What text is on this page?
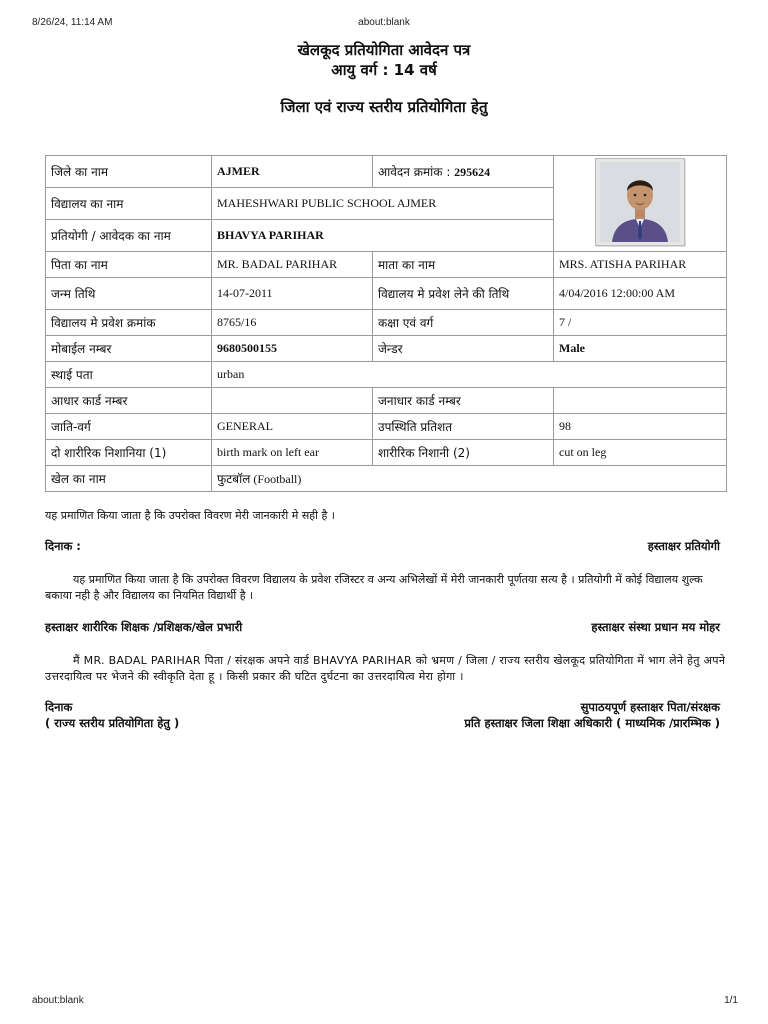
8/26/24, 11:14 AM	about:blank
खेलकूद प्रतियोगिता आवेदन पत्र
आयु वर्ग : 14 वर्ष
जिला एवं राज्य स्तरीय प्रतियोगिता हेतु
जिले का नाम	AJMER	आवेदन क्रमांक : 295624	

विद्यालय का नाम	MAHESHWARI PUBLIC SCHOOL AJMER		
प्रतियोगी / आवेदक का नाम	BHAVYA PARIHAR		
पिता का नाम	MR. BADAL PARIHAR	माता का नाम	MRS. ATISHA PARIHAR
जन्म तिथि	14-07-2011	विद्यालय मे प्रवेश लेने की तिथि	4/04/2016 12:00:00 AM
विद्यालय मे प्रवेश क्रमांक	8765/16	कक्षा एवं वर्ग	7 /
मोबाईल नम्बर	9680500155	जेन्डर	Male
स्थाई पता	urban		
आधार कार्ड नम्बर		जनाधार कार्ड नम्बर	
जाति-वर्ग	GENERAL	उपस्थिति प्रतिशत	98
दो शारीरिक निशानिया (1)	birth mark on left ear	शारीरिक निशानी (2)	cut on leg
खेल का नाम	फुटबॉल (Football)		
यह प्रमाणित किया जाता है कि उपरोक्त विवरण मेरी जानकारी मे सही है ।
दिनाक :	हस्ताक्षर प्रतियोगी
यह प्रमाणित किया जाता है कि उपरोक्त विवरण विद्यालय के प्रवेश रजिस्टर व अन्य अभिलेखों में मेरी जानकारी पूर्णतया सत्य है । प्रतियोगी में कोई विद्यालय शुल्क बकाया नही है और विद्यालय का नियमित विद्यार्थी है ।
हस्ताक्षर शारीरिक शिक्षक /प्रशिक्षक/खेल प्रभारी	हस्ताक्षर संस्था प्रधान मय मोहर
मैं MR. BADAL PARIHAR पिता / संरक्षक अपने वार्ड BHAVYA PARIHAR को भ्रमण / जिला / राज्य स्तरीय खेलकूद प्रतियोगिता में भाग लेने हेतु अपने उत्तरदायित्व पर भेजने की स्वीकृति देता हू । किसी प्रकार की घटित दुर्घटना का उत्तरदायित्व मेरा होगा ।
दिनाक	सुपाठयपूर्ण हस्ताक्षर पिता/संरक्षक
( राज्य स्तरीय प्रतियोगिता हेतु )	प्रति हस्ताक्षर जिला शिक्षा अधिकारी ( माध्यमिक /प्रारम्भिक )
about:blank	1/1
